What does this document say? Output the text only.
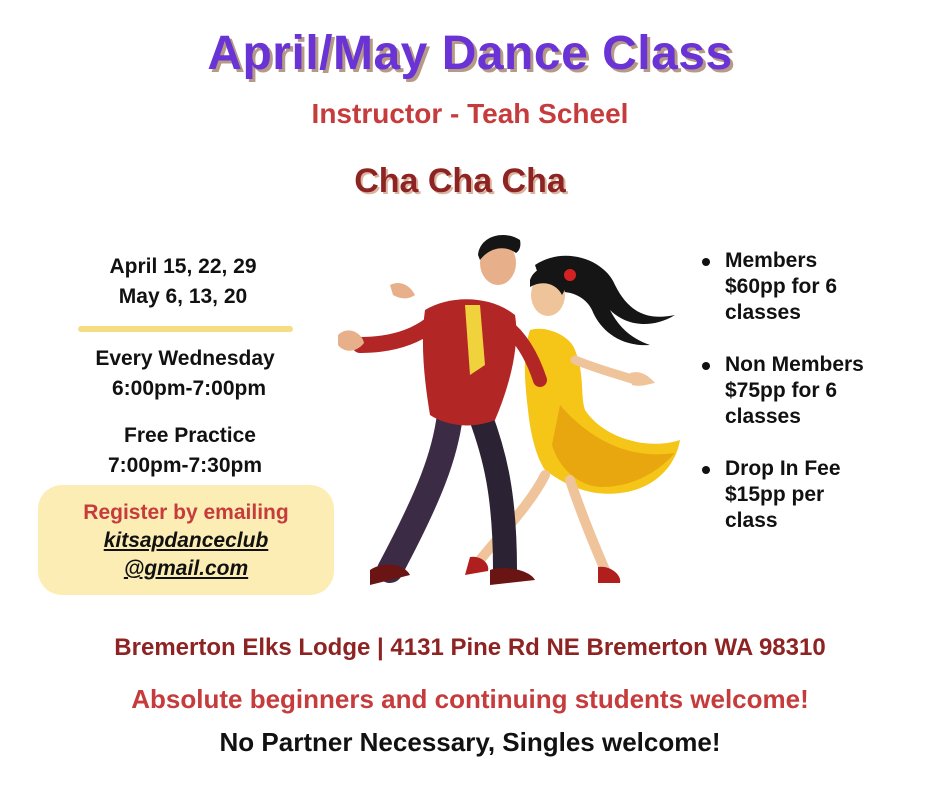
April/May Dance Class
Instructor - Teah Scheel
Cha Cha Cha
April 15, 22, 29
May 6, 13, 20
Every Wednesday
6:00pm-7:00pm
Free Practice
7:00pm-7:30pm
Register by emailing
kitsapdanceclub
@gmail.com
Members
$60pp for 6
classes
Non Members
$75pp for 6
classes
Drop In Fee
$15pp per
class
Bremerton Elks Lodge | 4131 Pine Rd NE Bremerton WA 98310
Absolute beginners and continuing students welcome!
No Partner Necessary, Singles welcome!
